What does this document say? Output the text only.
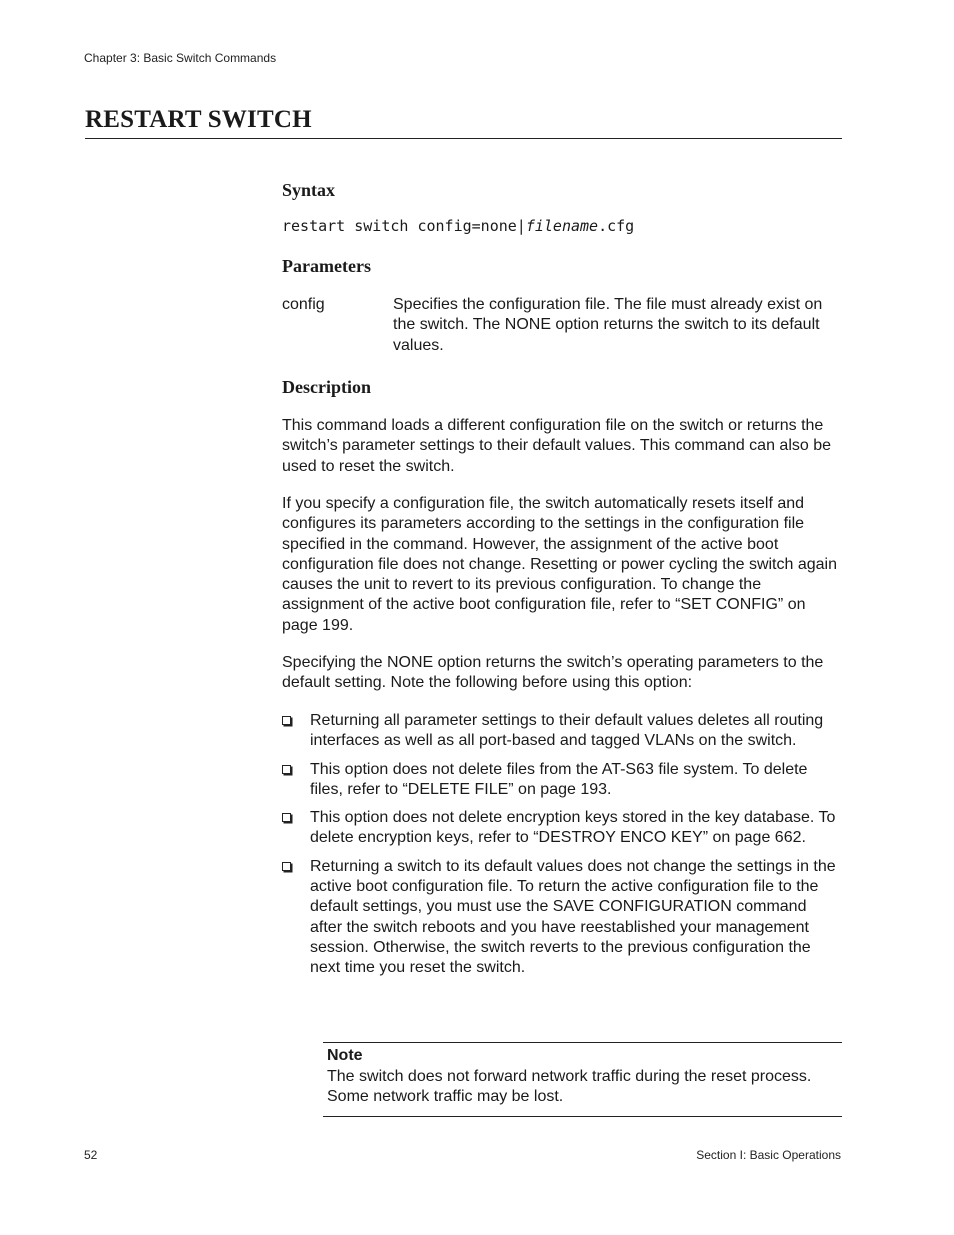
Chapter 3: Basic Switch Commands
RESTART SWITCH
Syntax
restart switch config=none|filename.cfg
Parameters
config	Specifies the configuration file. The file must already exist on the switch. The NONE option returns the switch to its default values.
Description

This command loads a different configuration file on the switch or returns the switch’s parameter settings to their default values. This command can also be used to reset the switch.

If you specify a configuration file, the switch automatically resets itself and configures its parameters according to the settings in the configuration file specified in the command. However, the assignment of the active boot configuration file does not change. Resetting or power cycling the switch again causes the unit to revert to its previous configuration. To change the assignment of the active boot configuration file, refer to “SET CONFIG” on page 199.

Specifying the NONE option returns the switch’s operating parameters to the default setting. Note the following before using this option:

Returning all parameter settings to their default values deletes all routing interfaces as well as all port-based and tagged VLANs on the switch.
This option does not delete files from the AT-S63 file system. To delete files, refer to “DELETE FILE” on page 193.
This option does not delete encryption keys stored in the key database. To delete encryption keys, refer to “DESTROY ENCO KEY” on page 662.
Returning a switch to its default values does not change the settings in the active boot configuration file. To return the active configuration file to the default settings, you must use the SAVE CONFIGURATION command after the switch reboots and you have reestablished your management session. Otherwise, the switch reverts to the previous configuration the next time you reset the switch.
Note
The switch does not forward network traffic during the reset process. Some network traffic may be lost.
52	Section I: Basic Operations
